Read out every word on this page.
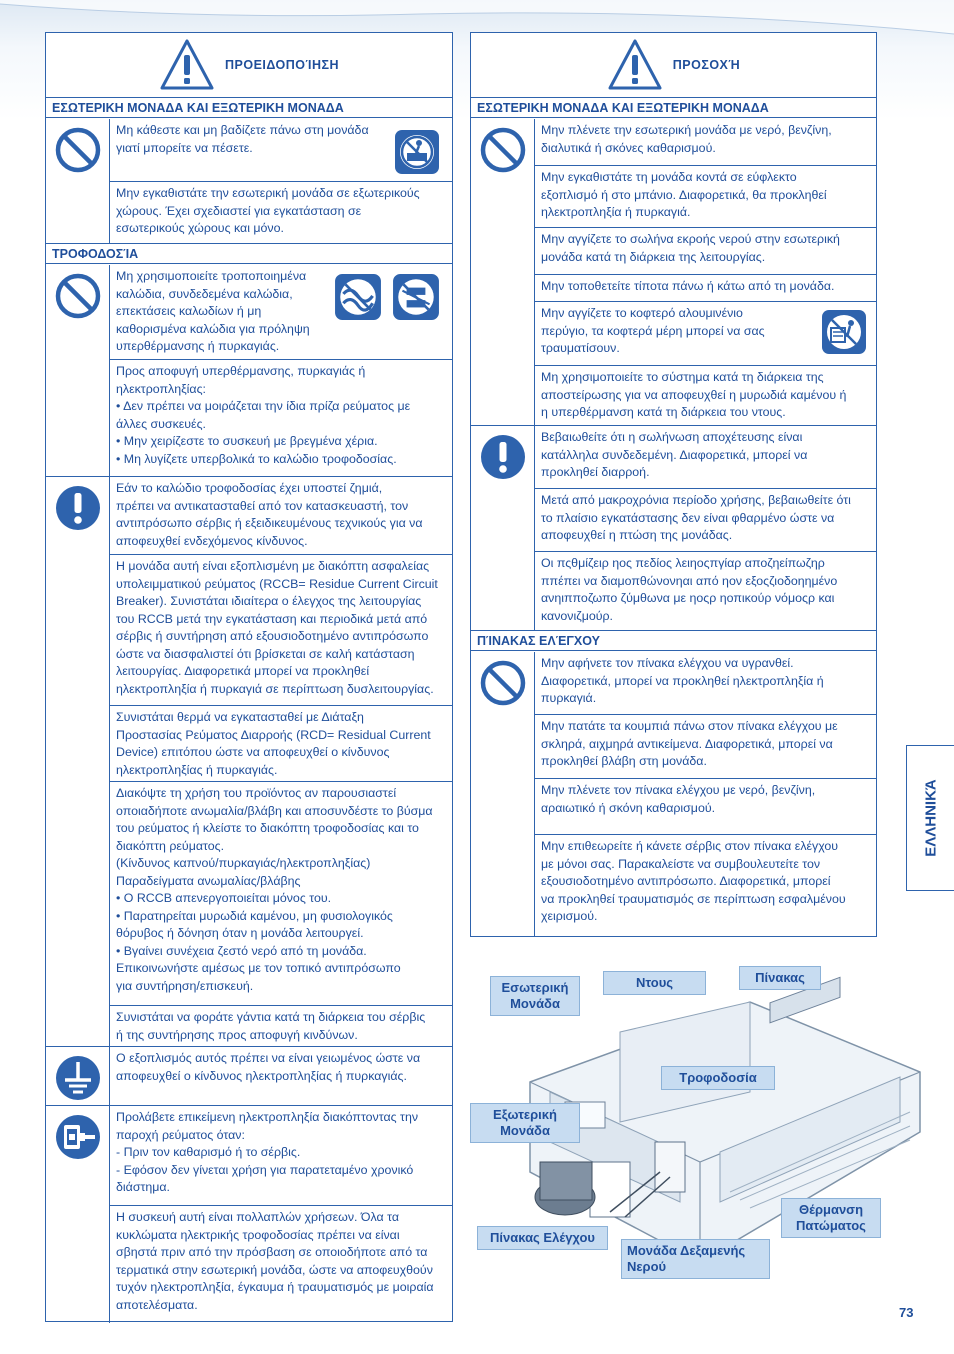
ΠΡΟΕΙΔΟΠΟΊΗΣΗ
ΕΣΩΤΕΡΙΚΗ ΜΟΝΑΔΑ ΚΑΙ ΕΞΩΤΕΡΙΚΗ ΜΟΝΑΔΑ
Μη κάθεστε και μη βαδίζετε πάνω στη μονάδα
γιατί μπορείτε να πέσετε.
Μην εγκαθιστάτε την εσωτερική μονάδα σε εξωτερικούς
χώρους. Έχει σχεδιαστεί για εγκατάσταση σε
εσωτερικούς χώρους και μόνο.
ΤΡΟΦΟΔΟΣΊΑ
Μη χρησιμοποιείτε τροποποιημένα
καλώδια, συνδεδεμένα καλώδια,
επεκτάσεις καλωδίων ή μη
καθορισμένα καλώδια για πρόληψη
υπερθέρμανσης ή πυρκαγιάς.
Προς αποφυγή υπερθέρμανσης, πυρκαγιάς ή
ηλεκτροπληξίας:
• Δεν πρέπει να μοιράζεται την ίδια πρίζα ρεύματος με
άλλες συσκευές.
• Μην χειρίζεστε το συσκευή με βρεγμένα χέρια.
• Μη λυγίζετε υπερβολικά το καλώδιο τροφοδοσίας.
Εάν το καλώδιο τροφοδοσίας έχει υποστεί ζημιά,
πρέπει να αντικατασταθεί από τον κατασκευαστή, τον
αντιπρόσωπο σέρβις ή εξειδικευμένους τεχνικούς για να
αποφευχθεί ενδεχόμενος κίνδυνος.
Η μονάδα αυτή είναι εξοπλισμένη με διακόπτη ασφαλείας
υπολειμματικού ρεύματος (RCCB= Residue Current Circuit
Breaker). Συνιστάται ιδιαίτερα ο έλεγχος της λειτουργίας
του RCCB μετά την εγκατάσταση και περιοδικά μετά από
σέρβις ή συντήρηση από εξουσιοδοτημένο αντιπρόσωπο
ώστε να διασφαλιστεί ότι βρίσκεται σε καλή κατάσταση
λειτουργίας. Διαφορετικά μπορεί να προκληθεί
ηλεκτροπληξία ή πυρκαγιά σε περίπτωση δυσλειτουργίας.
Συνιστάται θερμά να εγκατασταθεί με Διάταξη
Προστασίας Ρεύματος Διαρροής (RCD= Residual Current
Device) επιτόπου ώστε να αποφευχθεί ο κίνδυνος
ηλεκτροπληξίας ή πυρκαγιάς.
Διακόψτε τη χρήση του προϊόντος αν παρουσιαστεί
οποιαδήποτε ανωμαλία/βλάβη και αποσυνδέστε το βύσμα
του ρεύματος ή κλείστε το διακόπτη τροφοδοσίας και το
διακόπτη ρεύματος.
(Κίνδυνος καπνού/πυρκαγιάς/ηλεκτροπληξίας)
Παραδείγματα ανωμαλίας/βλάβης
• Ο RCCB απενεργοποιείται μόνος του.
• Παρατηρείται μυρωδιά καμένου, μη φυσιολογικός
θόρυβος ή δόνηση όταν η μονάδα λειτουργεί.
• Βγαίνει συνέχεια ζεστό νερό από τη μονάδα.
Επικοινωνήστε αμέσως με τον τοπικό αντιπρόσωπο
για συντήρηση/επισκευή.
Συνιστάται να φοράτε γάντια κατά τη διάρκεια του σέρβις
ή της συντήρησης προς αποφυγή κινδύνων.
Ο εξοπλισμός αυτός πρέπει να είναι γειωμένος ώστε να
αποφευχθεί ο κίνδυνος ηλεκτροπληξίας ή πυρκαγιάς.
Προλάβετε επικείμενη ηλεκτροπληξία διακόπτοντας την
παροχή ρεύματος όταν:
- Πριν τον καθαρισμό ή το σέρβις.
- Εφόσον δεν γίνεται χρήση για παρατεταμένο χρονικό
διάστημα.
Η συσκευή αυτή είναι πολλαπλών χρήσεων. Όλα τα
κυκλώματα ηλεκτρικής τροφοδοσίας πρέπει να είναι
σβηστά πριν από την πρόσβαση σε οποιοδήποτε από τα
τερματικά στην εσωτερική μονάδα, ώστε να αποφευχθούν
τυχόν ηλεκτροπληξία, έγκαυμα ή τραυματισμός με μοιραία
αποτελέσματα.
ΠΡΟΣΟΧΉ
ΕΣΩΤΕΡΙΚΗ ΜΟΝΑΔΑ ΚΑΙ ΕΞΩΤΕΡΙΚΗ ΜΟΝΑΔΑ
Μην πλένετε την εσωτερική μονάδα με νερό, βενζίνη,
διαλυτικά ή σκόνες καθαρισμού.
Μην εγκαθιστάτε τη μονάδα κοντά σε εύφλεκτο
εξοπλισμό ή στο μπάνιο. Διαφορετικά, θα προκληθεί
ηλεκτροπληξία ή πυρκαγιά.
Μην αγγίζετε το σωλήνα εκροής νερού στην εσωτερική
μονάδα κατά τη διάρκεια της λειτουργίας.
Μην τοποθετείτε τίποτα πάνω ή κάτω από τη μονάδα.
Μην αγγίζετε το κοφτερό αλουμινένιο
περύγιο, τα κοφτερά μέρη μπορεί να σας
τραυματίσουν.
Μη χρησιμοποιείτε το σύστημα κατά τη διάρκεια της
αποστείρωσης για να αποφευχθεί η μυρωδιά καμένου ή
η υπερθέρμανση κατά τη διάρκεια του ντους.
Βεβαιωθείτε ότι η σωλήνωση αποχέτευσης είναι
κατάλληλα συνδεδεμένη. Διαφορετικά, μπορεί να
προκληθεί διαρροή.
Μετά από μακροχρόνια περίοδο χρήσης, βεβαιωθείτε ότι
το πλαίσιο εγκατάστασης δεν είναι φθαρμένο ώστε να
αποφευχθεί η πτώση της μονάδας.
Οι πςθμίζειρ ηος πεδίος λειηοςπγίαρ αποζηείπωζηρ
ππέπει να διαμοπθώνονηαι από ηον εξοςζιοδοηημένο
ανηιπποζωπο ζύμθωνα με ηοςρ ηοπικούρ νόμοςρ και
κανονιζμούρ.
ΠΊΝΑΚΑΣ ΕΛΈΓΧΟΥ
Μην αφήνετε τον πίνακα ελέγχου να υγρανθεί.
Διαφορετικά, μπορεί να προκληθεί ηλεκτροπληξία ή
πυρκαγιά.
Μην πατάτε τα κουμπιά πάνω στον πίνακα ελέγχου με
σκληρά, αιχμηρά αντικείμενα. Διαφορετικά, μπορεί να
προκληθεί βλάβη στη μονάδα.
Μην πλένετε τον πίνακα ελέγχου με νερό, βενζίνη,
αραιωτικό ή σκόνη καθαρισμού.
Μην επιθεωρείτε ή κάνετε σέρβις στον πίνακα ελέγχου
με μόνοι σας. Παρακαλείστε να συμβουλευτείτε τον
εξουσιοδοτημένο αντιπρόσωπο. Διαφορετικά, μπορεί
να προκληθεί τραυματισμός σε περίπτωση εσφαλμένου
χειρισμού.
ΕΛΛΗΝΙΚΆ
Εσωτερική
Μονάδα
Ντους	Πίνακας
Τροφοδοσία
Εξωτερική
Μονάδα
Θέρμανση
Πατώματος
Πίνακας Ελέγχου
Μονάδα Δεξαμενής
Νερού
73
